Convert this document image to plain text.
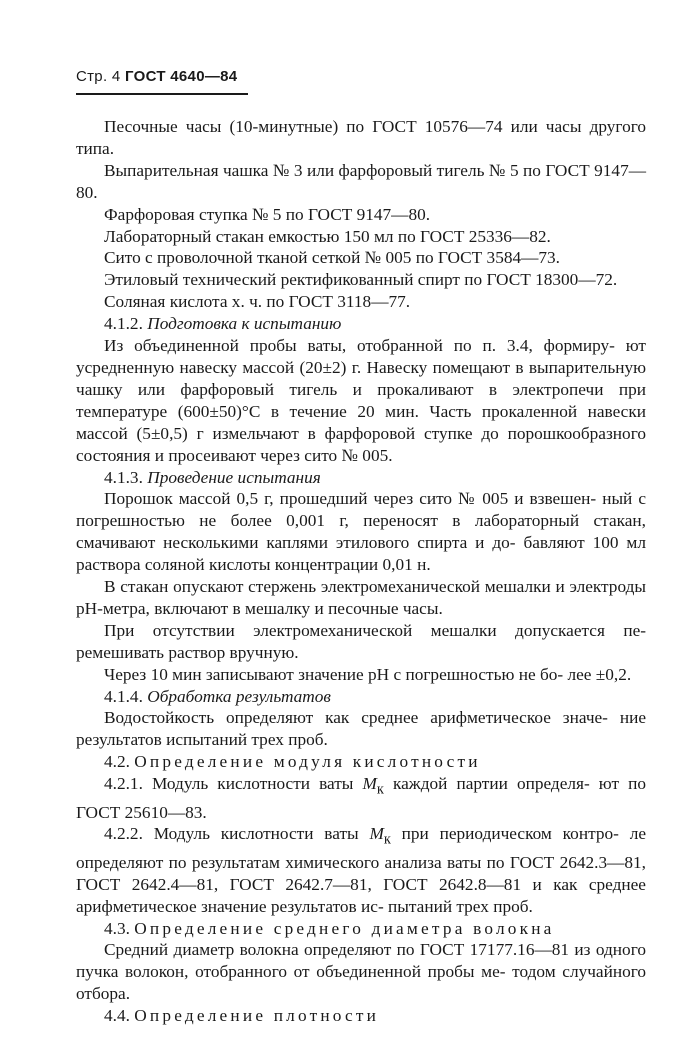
Стр. 4 ГОСТ 4640—84

Песочные часы (10-минутные) по ГОСТ 10576—74 или часы другого типа.

Выпарительная чашка № 3 или фарфоровый тигель № 5 по ГОСТ 9147—80.

Фарфоровая ступка № 5 по ГОСТ 9147—80.

Лабораторный стакан емкостью 150 мл по ГОСТ 25336—82.

Сито с проволочной тканой сеткой № 005 по ГОСТ 3584—73.

Этиловый технический ректификованный спирт по ГОСТ 18300—72.

Соляная кислота х. ч. по ГОСТ 3118—77.

4.1.2. Подготовка к испытанию

Из объединенной пробы ваты, отобранной по п. 3.4, формиру- ют усредненную навеску массой (20±2) г. Навеску помещают в выпарительную чашку или фарфоровый тигель и прокаливают в электропечи при температуре (600±50)°С в течение 20 мин. Часть прокаленной навески массой (5±0,5) г измельчают в фарфоровой ступке до порошкообразного состояния и просеивают через сито № 005.

4.1.3. Проведение испытания

Порошок массой 0,5 г, прошедший через сито № 005 и взвешен- ный с погрешностью не более 0,001 г, переносят в лабораторный стакан, смачивают несколькими каплями этилового спирта и до- бавляют 100 мл раствора соляной кислоты концентрации 0,01 н.

В стакан опускают стержень электромеханической мешалки и электроды рН-метра, включают в мешалку и песочные часы.

При отсутствии электромеханической мешалки допускается пе- ремешивать раствор вручную.

Через 10 мин записывают значение рН с погрешностью не бо- лее ±0,2.

4.1.4. Обработка результатов

Водостойкость определяют как среднее арифметическое значе- ние результатов испытаний трех проб.

4.2. Определение модуля кислотности

4.2.1. Модуль кислотности ваты $М_к$ каждой партии определя- ют по ГОСТ 25610—83.

4.2.2. Модуль кислотности ваты $М_к$ при периодическом контро- ле определяют по результатам химического анализа ваты по ГОСТ 2642.3—81, ГОСТ 2642.4—81, ГОСТ 2642.7—81, ГОСТ 2642.8—81 и как среднее арифметическое значение результатов ис- пытаний трех проб.

4.3. Определение среднего диаметра волокна

Средний диаметр волокна определяют по ГОСТ 17177.16—81 из одного пучка волокон, отобранного от объединенной пробы ме- тодом случайного отбора.

4.4. Определение плотности
